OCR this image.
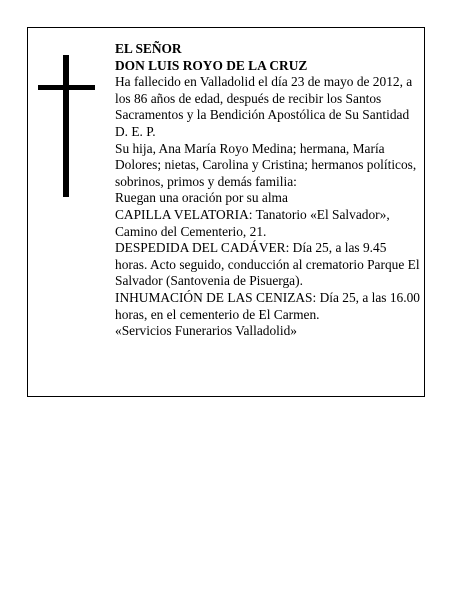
EL SEÑOR

DON LUIS ROYO DE LA CRUZ

Ha fallecido en Valladolid el día 23 de mayo de 2012, a los 86 años de edad, después de recibir los Santos Sacramentos y la Bendición Apostólica de Su Santidad D. E. P.

Su hija, Ana María Royo Medina; hermana, María Dolores; nietas, Carolina y Cristina; hermanos políticos, sobrinos, primos y demás familia:

Ruegan una oración por su alma

CAPILLA VELATORIA: Tanatorio «El Salvador», Camino del Cementerio, 21.

DESPEDIDA DEL CADÁVER: Día 25, a las 9.45 horas. Acto seguido, conducción al crematorio Parque El Salvador (Santovenia de Pisuerga).

INHUMACIÓN DE LAS CENIZAS: Día 25, a las 16.00 horas, en el cementerio de El Carmen.

«Servicios Funerarios Valladolid»
